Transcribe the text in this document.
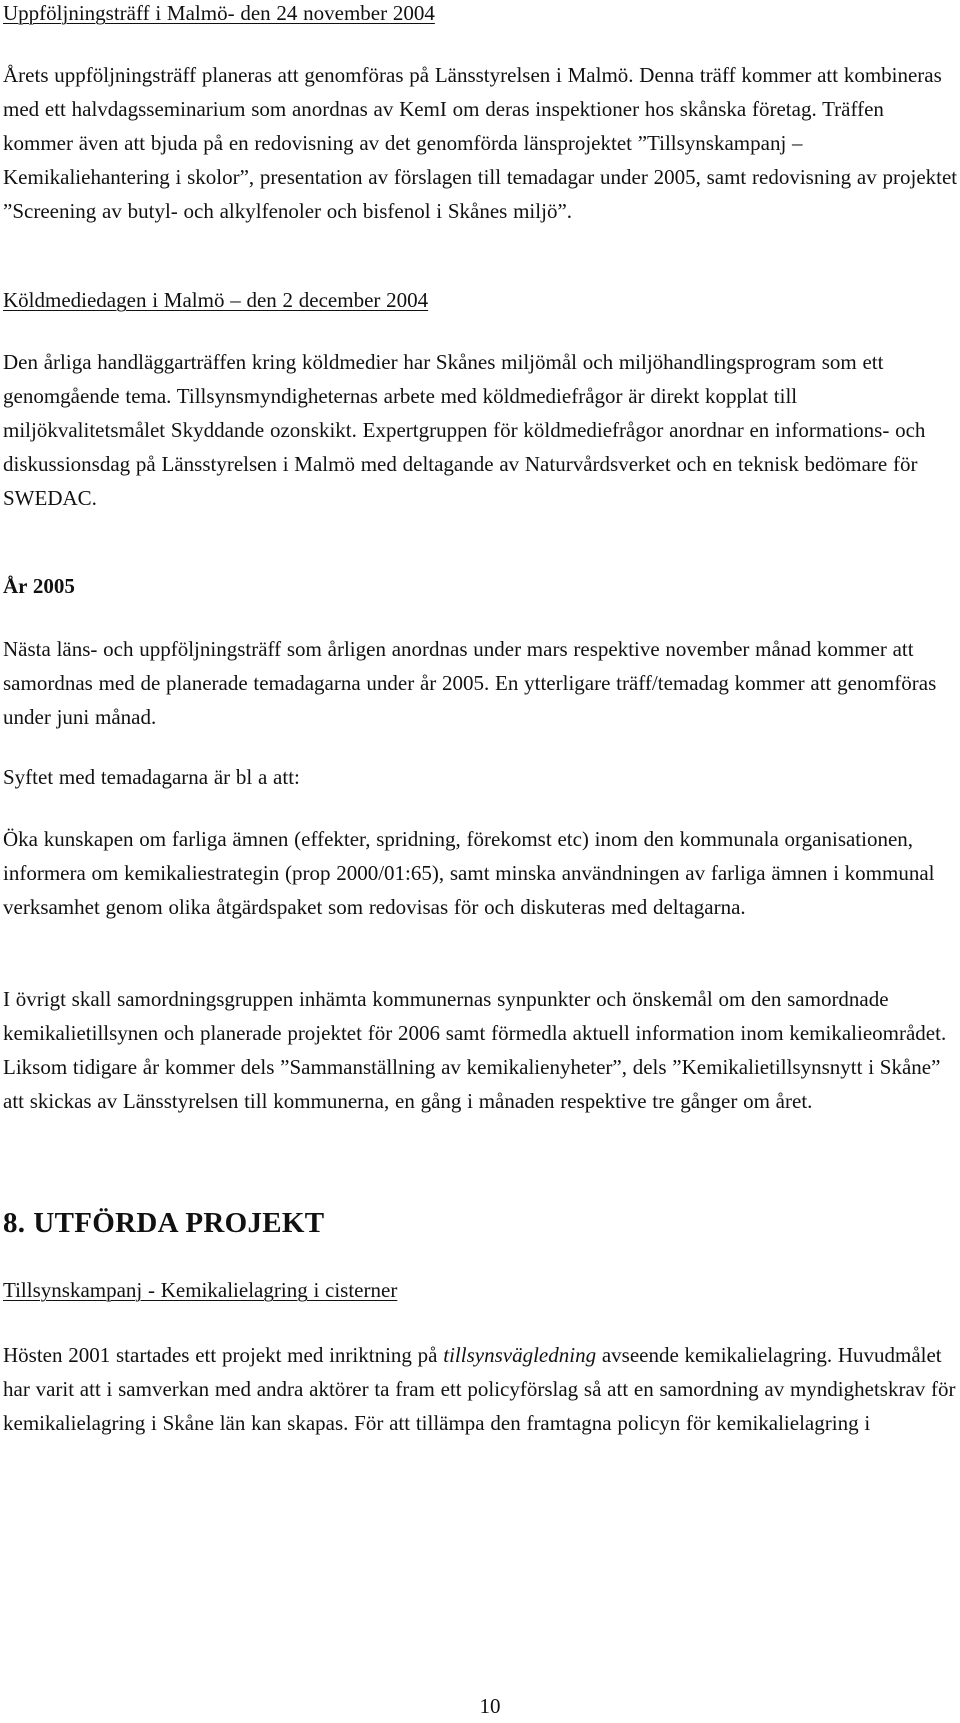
Uppföljningsträff i Malmö- den 24 november 2004
Årets uppföljningsträff planeras att genomföras på Länsstyrelsen i Malmö. Denna träff kommer att kombineras med ett halvdagsseminarium som anordnas av KemI om deras inspektioner hos skånska företag. Träffen kommer även att bjuda på en redovisning av det genomförda länsprojektet ”Tillsynskampanj – Kemikaliehantering i skolor”, presentation av förslagen till temadagar under 2005, samt redovisning av projektet ”Screening av butyl- och alkylfenoler och bisfenol i Skånes miljö”.
Köldmediedagen i Malmö – den 2 december 2004
Den årliga handläggarträffen kring köldmedier har Skånes miljömål och miljöhandlingsprogram som ett genomgående tema. Tillsynsmyndigheternas arbete med köldmediefrågor är direkt kopplat till miljökvalitetsmålet Skyddande ozonskikt. Expertgruppen för köldmediefrågor anordnar en informations- och diskussionsdag på Länsstyrelsen i Malmö med deltagande av Naturvårdsverket och en teknisk bedömare för SWEDAC.
År 2005
Nästa läns- och uppföljningsträff som årligen anordnas under mars respektive november månad kommer att samordnas med de planerade temadagarna under år 2005. En ytterligare träff/temadag kommer att genomföras under juni månad.
Syftet med temadagarna är bl a att:
Öka kunskapen om farliga ämnen (effekter, spridning, förekomst etc) inom den kommunala organisationen, informera om kemikaliestrategin (prop 2000/01:65), samt minska användningen av farliga ämnen i kommunal verksamhet genom olika åtgärdspaket som redovisas för och diskuteras med deltagarna.
I övrigt skall samordningsgruppen inhämta kommunernas synpunkter och önskemål om den samordnade kemikalietillsynen och planerade projektet för 2006 samt förmedla aktuell information inom kemikalieområdet. Liksom tidigare år kommer dels ”Sammanställning av kemikalienyheter”, dels ”Kemikalietillsynsnytt i Skåne” att skickas av Länsstyrelsen till kommunerna, en gång i månaden respektive tre gånger om året.
8. UTFÖRDA PROJEKT
Tillsynskampanj - Kemikalielagring i cisterner
Hösten 2001 startades ett projekt med inriktning på tillsynsvägledning avseende kemikalielagring. Huvudmålet har varit att i samverkan med andra aktörer ta fram ett policyförslag så att en samordning av myndighetskrav för kemikalielagring i Skåne län kan skapas. För att tillämpa den framtagna policyn för kemikalielagring i
10
